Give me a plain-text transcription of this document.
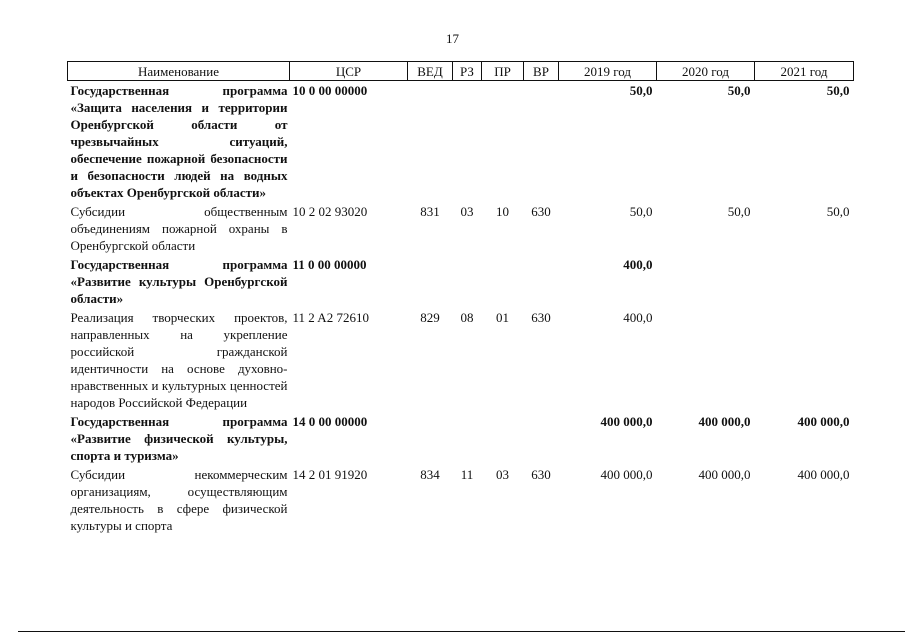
17
Наименование	ЦСР	ВЕД	РЗ	ПР	ВР	2019 год	2020 год	2021 год
Государственная программа «Защита населения и территории Оренбургской области от чрезвычайных ситуаций, обеспечение пожарной безопасности и безопасности людей на водных объектах Оренбургской области»	10 0 00 00000					50,0	50,0	50,0
Субсидии общественным объединениям пожарной охраны в Оренбургской области	10 2 02 93020	831	03	10	630	50,0	50,0	50,0
Государственная программа «Развитие культуры Оренбургской области»	11 0 00 00000					400,0		
Реализация творческих проектов, направленных на укрепление российской гражданской идентичности на основе духовно-нравственных и культурных ценностей народов Российской Федерации	11 2 A2 72610	829	08	01	630	400,0		
Государственная программа «Развитие физической культуры, спорта и туризма»	14 0 00 00000					400 000,0	400 000,0	400 000,0
Субсидии некоммерческим организациям, осуществляющим деятельность в сфере физической культуры и спорта	14 2 01 91920	834	11	03	630	400 000,0	400 000,0	400 000,0
